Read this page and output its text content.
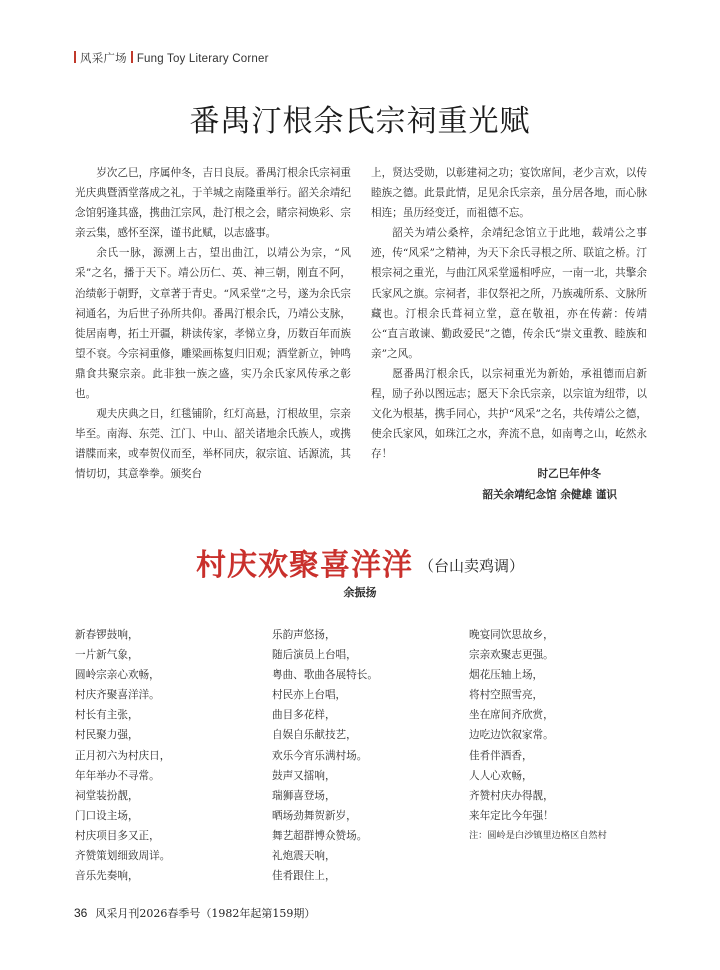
风采广场 Fung Toy Literary Corner
番禺汀根余氏宗祠重光赋

岁次乙巳，序属仲冬，吉日良辰。番禺汀根余氏宗祠重光庆典暨酒堂落成之礼，于羊城之南隆重举行。韶关余靖纪念馆躬逢其盛，携曲江宗风，赴汀根之会，睹宗祠焕彩、宗亲云集，感怀至深，谨书此赋，以志盛事。

余氏一脉，源溯上古，望出曲江，以靖公为宗，“风采”之名，播于天下。靖公历仁、英、神三朝，刚直不阿，治绩彰于朝野，文章著于青史。“风采堂”之号，遂为余氏宗祠通名，为后世子孙所共仰。番禺汀根余氏，乃靖公支脉，徙居南粤，拓土开疆，耕读传家，孝悌立身，历数百年而族望不衰。今宗祠重修，雕梁画栋复归旧观；酒堂新立，钟鸣鼎食共聚宗亲。此非独一族之盛，实乃余氏家风传承之彰也。

观夫庆典之日，红毯铺阶，红灯高悬，汀根故里，宗亲毕至。南海、东莞、江门、中山、韶关诸地余氏族人，或携谱牒而来，或奉贺仪而至，举杯同庆，叙宗谊、话源流，其情切切，其意拳拳。颁奖台

上，贤达受勋，以彰建祠之功；宴饮席间，老少言欢，以传睦族之德。此景此情，足见余氏宗亲，虽分居各地，而心脉相连；虽历经变迁，而祖德不忘。

韶关为靖公桑梓，余靖纪念馆立于此地，载靖公之事迹，传“风采”之精神，为天下余氏寻根之所、联谊之桥。汀根宗祠之重光，与曲江风采堂遥相呼应，一南一北，共擎余氏家风之旗。宗祠者，非仅祭祀之所，乃族魂所系、文脉所藏也。汀根余氏葺祠立堂，意在敬祖，亦在传薪：传靖公“直言敢谏、勤政爱民”之德，传余氏“崇文重教、睦族和亲”之风。

愿番禺汀根余氏，以宗祠重光为新始，承祖德而启新程，励子孙以图远志；愿天下余氏宗亲，以宗谊为纽带，以文化为根基，携手同心，共护“风采”之名，共传靖公之德，使余氏家风，如珠江之水，奔流不息，如南粤之山，屹然永存！

时乙巳年仲冬
韶关余靖纪念馆 余健雄 谨识
村庆欢聚喜洋洋 （台山卖鸡调）
余振扬
新春锣鼓响，
一片新气象，
圆岭宗亲心欢畅，
村庆齐聚喜洋洋。
村长有主张，
村民聚力强，
正月初六为村庆日，
年年举办不寻常。
祠堂装扮靓，
门口设主场，
村庆项目多又正，
齐赞策划细致周详。
音乐先奏响，
乐韵声悠扬，
随后演员上台唱，
粤曲、歌曲各展特长。
村民亦上台唱，
曲目多花样，
自娱自乐献技艺，
欢乐今宵乐满村场。
鼓声又擂响，
瑞狮喜登场，
晒场劲舞贺新岁，
舞艺超群博众赞场。
礼炮震天响，
佳肴跟住上，
晚宴同饮思故乡，
宗亲欢聚志更强。
烟花压轴上场，
将村空照雪亮，
坐在席间齐欣赏，
边吃边饮叙家常。
佳肴伴酒香，
人人心欢畅，
齐赞村庆办得靓，
来年定比今年强！
注：圆岭是白沙镇里边格区自然村
36 风采月刊2026春季号（1982年起第159期）
